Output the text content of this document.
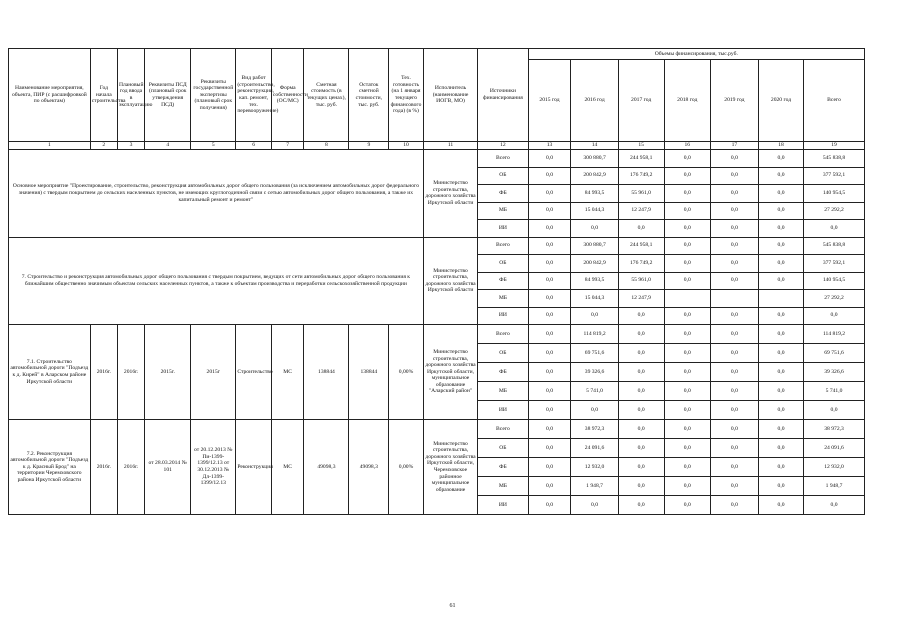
Наименование мероприятия, объекта, ПИР (с расшифровкой по объектам)	Год начала строительства	Плановый год ввода в эксплуатацию	Реквизиты ПСД (плановый срок утверждения ПСД)	Реквизиты государственной экспертизы (плановый срок получения)	Вид работ (строительство, реконструкция, кап. ремонт, тех. перевооружение)	Форма собственности (ОС/МС)	Сметная стоимость (в текущих ценах), тыс. руб.	Остаток сметной стоимости, тыс. руб.	Тех. готовность (на 1 января текущего финансового года) (в %)	Исполнитель (наименование ИОГВ, МО)	Источники финансирования	Объемы финансирования, тыс.руб.						
												2015 год	2016 год	2017 год	2018 год	2019 год	2020 год	Всего
1	2	3	4	5	6	7	8	9	10	11	12	13	14	15	16	17	18	19
Основное мероприятие "Проектирование, строительство, реконструкция автомобильных дорог общего пользования (за исключением автомобильных дорог федерального значения) с твердым покрытием до сельских населенных пунктов, не имеющих круглогодичной связи с сетью автомобильных дорог общего пользования, а также их капитальный ремонт и ремонт"										Министерство строительства, дорожного хозяйства Иркутской области	Всего	0,0	300 880,7	244 958,1	0,0	0,0	0,0	545 838,8
											ОБ	0,0	200 842,9	176 749,2	0,0	0,0	0,0	377 592,1
											ФБ	0,0	84 993,5	55 961,0	0,0	0,0	0,0	140 954,5
											МБ	0,0	15 044,3	12 247,9	0,0	0,0	0,0	27 292,2
											ИИ	0,0	0,0	0,0	0,0	0,0	0,0	0,0
7. Строительство и реконструкция автомобильных дорог общего пользования с твердым покрытием, ведущих от сети автомобильных дорог общего пользования к ближайшим общественно значимым объектам сельских населенных пунктов, а также к объектам производства и переработки сельскохозяйственной продукции										Министерство строительства, дорожного хозяйства Иркутской области	Всего	0,0	300 880,7	244 958,1	0,0	0,0	0,0	545 838,8
											ОБ	0,0	200 842,9	176 749,2	0,0	0,0	0,0	377 592,1
											ФБ	0,0	84 993,5	55 961,0	0,0	0,0	0,0	140 954,5
											МБ	0,0	15 044,3	12 247,9				27 292,2
											ИИ	0,0	0,0	0,0	0,0	0,0	0,0	0,0
7.1. Строительство автомобильной дороги "Подъезд к д. Кирей" в Аларском районе Иркутской области	2016г.	2016г.	2015г.	2015г	Строительство	МС	138844	138844	0,00%	Министерство строительства, дорожного хозяйства Иркутской области, муниципальное образование "Аларский район"	Всего	0,0	114 819,2	0,0	0,0	0,0	0,0	114 819,2
											ОБ	0,0	69 751,6	0,0	0,0	0,0	0,0	69 751,6
											ФБ	0,0	39 326,6	0,0	0,0	0,0	0,0	39 326,6
											МБ	0,0	5 741,0	0,0	0,0	0,0	0,0	5 741,0
											ИИ	0,0	0,0	0,0	0,0	0,0	0,0	0,0
7.2. Реконструкция автомобильной дороги "Подъезд к д. Красный Брод" на территории Черемховского района Иркутской области	2016г.	2016г.	от 28.03.2014 № 101	от 20.12.2013 № Пи-1399-1399/12.13 от 30.12.2013 № Дл-1399-1399/12.13	Реконструкция	МС	49098,3	49098,3	0,00%	Министерство строительства, дорожного хозяйства Иркутской области, Черемховское районное муниципальное образование	Всего	0,0	38 972,3	0,0	0,0	0,0	0,0	38 972,3
											ОБ	0,0	24 091,6	0,0	0,0	0,0	0,0	24 091,6
											ФБ	0,0	12 932,0	0,0	0,0	0,0	0,0	12 932,0
											МБ	0,0	1 948,7	0,0	0,0	0,0	0,0	1 948,7
											ИИ	0,0	0,0	0,0	0,0	0,0	0,0	0,0
61
